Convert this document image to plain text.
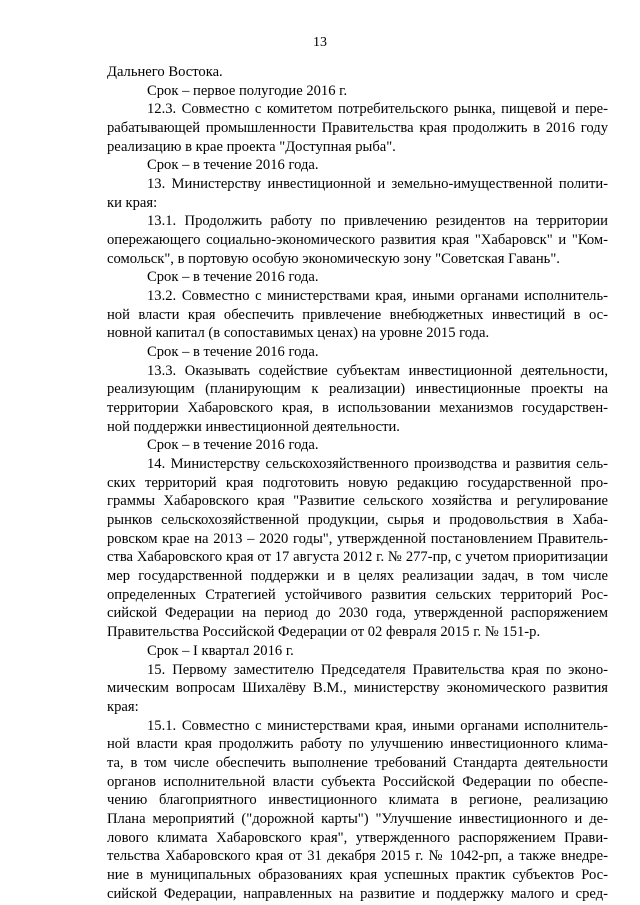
13
Дальнего Востока.
Срок – первое полугодие 2016 г.
12.3. Совместно с комитетом потребительского рынка, пищевой и пере-
рабатывающей промышленности Правительства края продолжить в 2016 году
реализацию в крае проекта "Доступная рыба".
Срок – в течение 2016 года.
13. Министерству инвестиционной и земельно-имущественной полити-
ки края:
13.1. Продолжить работу по привлечению резидентов на территории
опережающего социально-экономического развития края "Хабаровск" и "Ком-
сомольск", в портовую особую экономическую зону "Советская Гавань".
Срок – в течение 2016 года.
13.2. Совместно с министерствами края, иными органами исполнитель-
ной власти края обеспечить привлечение внебюджетных инвестиций в ос-
новной капитал (в сопоставимых ценах) на уровне 2015 года.
Срок – в течение 2016 года.
13.3. Оказывать содействие субъектам инвестиционной деятельности,
реализующим (планирующим к реализации) инвестиционные проекты на
территории Хабаровского края, в использовании механизмов государствен-
ной поддержки инвестиционной деятельности.
Срок – в течение 2016 года.
14. Министерству сельскохозяйственного производства и развития сель-
ских территорий края подготовить новую редакцию государственной про-
граммы Хабаровского края "Развитие сельского хозяйства и регулирование
рынков сельскохозяйственной продукции, сырья и продовольствия в Хаба-
ровском крае на 2013 – 2020 годы", утвержденной постановлением Правитель-
ства Хабаровского края от 17 августа 2012 г. № 277-пр, с учетом приоритизации
мер государственной поддержки и в целях реализации задач, в том числе
определенных Стратегией устойчивого развития сельских территорий Рос-
сийской Федерации на период до 2030 года, утвержденной распоряжением
Правительства Российской Федерации от 02 февраля 2015 г. № 151-р.
Срок – I квартал 2016 г.
15. Первому заместителю Председателя Правительства края по эконо-
мическим вопросам Шихалёву В.М., министерству экономического развития
края:
15.1. Совместно с министерствами края, иными органами исполнитель-
ной власти края продолжить работу по улучшению инвестиционного клима-
та, в том числе обеспечить выполнение требований Стандарта деятельности
органов исполнительной власти субъекта Российской Федерации по обеспе-
чению благоприятного инвестиционного климата в регионе, реализацию
Плана мероприятий ("дорожной карты") "Улучшение инвестиционного и де-
лового климата Хабаровского края", утвержденного распоряжением Прави-
тельства Хабаровского края от 31 декабря 2015 г. № 1042-рп, а также внедре-
ние в муниципальных образованиях края успешных практик субъектов Рос-
сийской Федерации, направленных на развитие и поддержку малого и сред-
